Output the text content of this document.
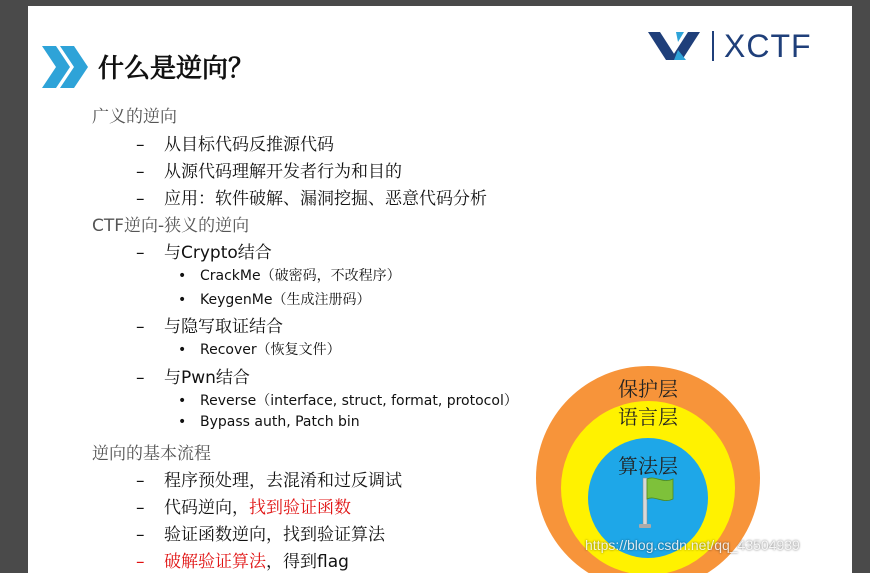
什么是逆向？
XCTF
广义的逆向
– 从目标代码反推源代码
– 从源代码理解开发者行为和目的
– 应用：软件破解、漏洞挖掘、恶意代码分析
CTF逆向-狭义的逆向
– 与Crypto结合
• CrackMe（破密码，不改程序）
• KeygenMe（生成注册码）
– 与隐写取证结合
• Recover（恢复文件）
– 与Pwn结合
• Reverse（interface, struct, format, protocol）
• Bypass auth, Patch bin
逆向的基本流程
– 程序预处理，去混淆和过反调试
– 代码逆向，找到验证函数
– 验证函数逆向，找到验证算法
– 破解验证算法，得到flag
保护层
语言层
算法层
https://blog.csdn.net/qq_43504939
